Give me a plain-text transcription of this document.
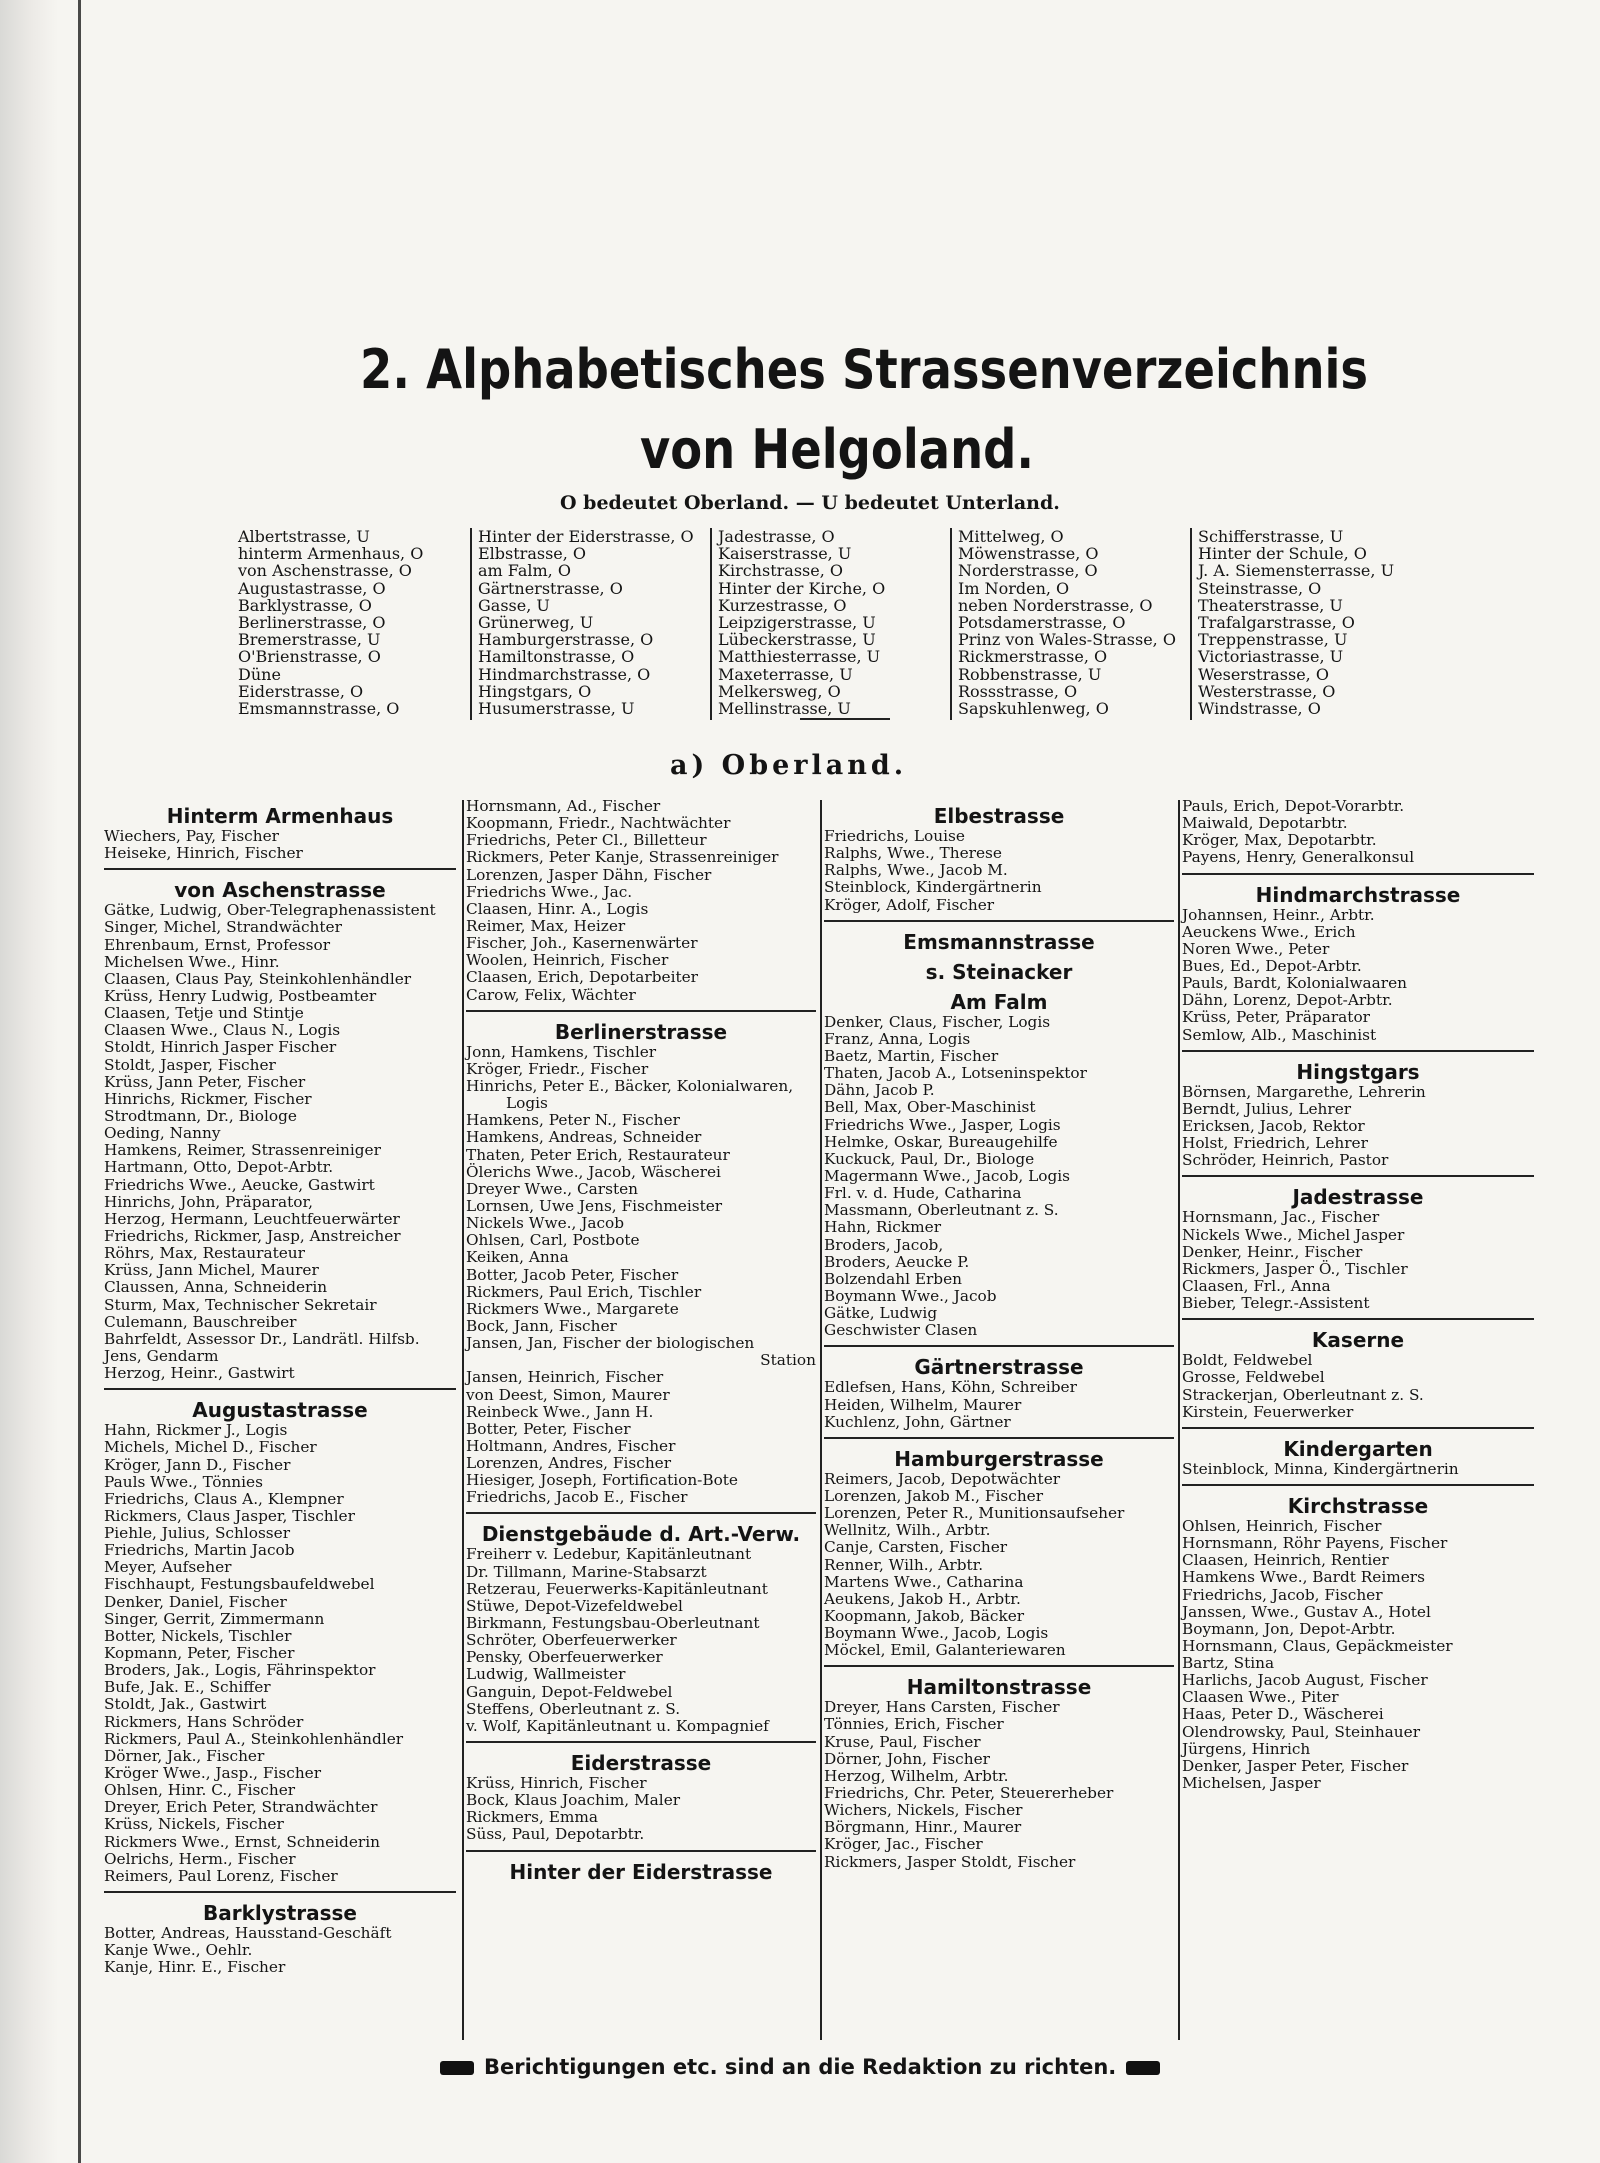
2. Alphabetisches Strassenverzeichnis
von Helgoland.
O bedeutet Oberland. — U bedeutet Unterland.
Albertstrasse, U
hinterm Armenhaus, O
von Aschenstrasse, O
Augustastrasse, O
Barklystrasse, O
Berlinerstrasse, O
Bremerstrasse, U
O'Brienstrasse, O
Düne
Eiderstrasse, O
Emsmannstrasse, O
Hinter der Eiderstrasse, O
Elbstrasse, O
am Falm, O
Gärtnerstrasse, O
Gasse, U
Grünerweg, U
Hamburgerstrasse, O
Hamiltonstrasse, O
Hindmarchstrasse, O
Hingstgars, O
Husumerstrasse, U
Jadestrasse, O
Kaiserstrasse, U
Kirchstrasse, O
Hinter der Kirche, O
Kurzestrasse, O
Leipzigerstrasse, U
Lübeckerstrasse, U
Matthiesterrasse, U
Maxeterrasse, U
Melkersweg, O
Mellinstrasse, U
Mittelweg, O
Möwenstrasse, O
Norderstrasse, O
Im Norden, O
neben Norderstrasse, O
Potsdamerstrasse, O
Prinz von Wales-Strasse, O
Rickmerstrasse, O
Robbenstrasse, U
Rossstrasse, O
Sapskuhlenweg, O
Schifferstrasse, U
Hinter der Schule, O
J. A. Siemensterrasse, U
Steinstrasse, O
Theaterstrasse, U
Trafalgarstrasse, O
Treppenstrasse, U
Victoriastrasse, U
Weserstrasse, O
Westerstrasse, O
Windstrasse, O
a) Oberland.
Hinterm Armenhaus
Wiechers, Pay, Fischer
Heiseke, Hinrich, Fischer
von Aschenstrasse
Gätke, Ludwig, Ober-Telegraphenassistent
Singer, Michel, Strandwächter
Ehrenbaum, Ernst, Professor
Michelsen Wwe., Hinr.
Claasen, Claus Pay, Steinkohlenhändler
Krüss, Henry Ludwig, Postbeamter
Claasen, Tetje und Stintje
Claasen Wwe., Claus N., Logis
Stoldt, Hinrich Jasper Fischer
Stoldt, Jasper, Fischer
Krüss, Jann Peter, Fischer
Hinrichs, Rickmer, Fischer
Strodtmann, Dr., Biologe
Oeding, Nanny
Hamkens, Reimer, Strassenreiniger
Hartmann, Otto, Depot-Arbtr.
Friedrichs Wwe., Aeucke, Gastwirt
Hinrichs, John, Präparator,
Herzog, Hermann, Leuchtfeuerwärter
Friedrichs, Rickmer, Jasp, Anstreicher
Röhrs, Max, Restaurateur
Krüss, Jann Michel, Maurer
Claussen, Anna, Schneiderin
Sturm, Max, Technischer Sekretair
Culemann, Bauschreiber
Bahrfeldt, Assessor Dr., Landrätl. Hilfsb.
Jens, Gendarm
Herzog, Heinr., Gastwirt
Augustastrasse
Hahn, Rickmer J., Logis
Michels, Michel D., Fischer
Kröger, Jann D., Fischer
Pauls Wwe., Tönnies
Friedrichs, Claus A., Klempner
Rickmers, Claus Jasper, Tischler
Piehle, Julius, Schlosser
Friedrichs, Martin Jacob
Meyer, Aufseher
Fischhaupt, Festungsbaufeldwebel
Denker, Daniel, Fischer
Singer, Gerrit, Zimmermann
Botter, Nickels, Tischler
Kopmann, Peter, Fischer
Broders, Jak., Logis, Fährinspektor
Bufe, Jak. E., Schiffer
Stoldt, Jak., Gastwirt
Rickmers, Hans Schröder
Rickmers, Paul A., Steinkohlenhändler
Dörner, Jak., Fischer
Kröger Wwe., Jasp., Fischer
Ohlsen, Hinr. C., Fischer
Dreyer, Erich Peter, Strandwächter
Krüss, Nickels, Fischer
Rickmers Wwe., Ernst, Schneiderin
Oelrichs, Herm., Fischer
Reimers, Paul Lorenz, Fischer
Barklystrasse
Botter, Andreas, Hausstand-Geschäft
Kanje Wwe., Oehlr.
Kanje, Hinr. E., Fischer
Hornsmann, Ad., Fischer
Koopmann, Friedr., Nachtwächter
Friedrichs, Peter Cl., Billetteur
Rickmers, Peter Kanje, Strassenreiniger
Lorenzen, Jasper Dähn, Fischer
Friedrichs Wwe., Jac.
Claasen, Hinr. A., Logis
Reimer, Max, Heizer
Fischer, Joh., Kasernenwärter
Woolen, Heinrich, Fischer
Claasen, Erich, Depotarbeiter
Carow, Felix, Wächter
Berlinerstrasse
Jonn, Hamkens, Tischler
Kröger, Friedr., Fischer
Hinrichs, Peter E., Bäcker, Kolonialwaren,
Logis
Hamkens, Peter N., Fischer
Hamkens, Andreas, Schneider
Thaten, Peter Erich, Restaurateur
Ölerichs Wwe., Jacob, Wäscherei
Dreyer Wwe., Carsten
Lornsen, Uwe Jens, Fischmeister
Nickels Wwe., Jacob
Ohlsen, Carl, Postbote
Keiken, Anna
Botter, Jacob Peter, Fischer
Rickmers, Paul Erich, Tischler
Rickmers Wwe., Margarete
Bock, Jann, Fischer
Jansen, Jan, Fischer der biologischen
Station
Jansen, Heinrich, Fischer
von Deest, Simon, Maurer
Reinbeck Wwe., Jann H.
Botter, Peter, Fischer
Holtmann, Andres, Fischer
Lorenzen, Andres, Fischer
Hiesiger, Joseph, Fortification-Bote
Friedrichs, Jacob E., Fischer
Dienstgebäude d. Art.-Verw.
Freiherr v. Ledebur, Kapitänleutnant
Dr. Tillmann, Marine-Stabsarzt
Retzerau, Feuerwerks-Kapitänleutnant
Stüwe, Depot-Vizefeldwebel
Birkmann, Festungsbau-Oberleutnant
Schröter, Oberfeuerwerker
Pensky, Oberfeuerwerker
Ludwig, Wallmeister
Ganguin, Depot-Feldwebel
Steffens, Oberleutnant z. S.
v. Wolf, Kapitänleutnant u. Kompagnief
Eiderstrasse
Krüss, Hinrich, Fischer
Bock, Klaus Joachim, Maler
Rickmers, Emma
Süss, Paul, Depotarbtr.
Hinter der Eiderstrasse
Elbestrasse
Friedrichs, Louise
Ralphs, Wwe., Therese
Ralphs, Wwe., Jacob M.
Steinblock, Kindergärtnerin
Kröger, Adolf, Fischer
Emsmannstrasse
s. Steinacker
Am Falm
Denker, Claus, Fischer, Logis
Franz, Anna, Logis
Baetz, Martin, Fischer
Thaten, Jacob A., Lotseninspektor
Dähn, Jacob P.
Bell, Max, Ober-Maschinist
Friedrichs Wwe., Jasper, Logis
Helmke, Oskar, Bureaugehilfe
Kuckuck, Paul, Dr., Biologe
Magermann Wwe., Jacob, Logis
Frl. v. d. Hude, Catharina
Massmann, Oberleutnant z. S.
Hahn, Rickmer
Broders, Jacob,
Broders, Aeucke P.
Bolzendahl Erben
Boymann Wwe., Jacob
Gätke, Ludwig
Geschwister Clasen
Gärtnerstrasse
Edlefsen, Hans, Köhn, Schreiber
Heiden, Wilhelm, Maurer
Kuchlenz, John, Gärtner
Hamburgerstrasse
Reimers, Jacob, Depotwächter
Lorenzen, Jakob M., Fischer
Lorenzen, Peter R., Munitionsaufseher
Wellnitz, Wilh., Arbtr.
Canje, Carsten, Fischer
Renner, Wilh., Arbtr.
Martens Wwe., Catharina
Aeukens, Jakob H., Arbtr.
Koopmann, Jakob, Bäcker
Boymann Wwe., Jacob, Logis
Möckel, Emil, Galanteriewaren
Hamiltonstrasse
Dreyer, Hans Carsten, Fischer
Tönnies, Erich, Fischer
Kruse, Paul, Fischer
Dörner, John, Fischer
Herzog, Wilhelm, Arbtr.
Friedrichs, Chr. Peter, Steuererheber
Wichers, Nickels, Fischer
Börgmann, Hinr., Maurer
Kröger, Jac., Fischer
Rickmers, Jasper Stoldt, Fischer
Pauls, Erich, Depot-Vorarbtr.
Maiwald, Depotarbtr.
Kröger, Max, Depotarbtr.
Payens, Henry, Generalkonsul
Hindmarchstrasse
Johannsen, Heinr., Arbtr.
Aeuckens Wwe., Erich
Noren Wwe., Peter
Bues, Ed., Depot-Arbtr.
Pauls, Bardt, Kolonialwaaren
Dähn, Lorenz, Depot-Arbtr.
Krüss, Peter, Präparator
Semlow, Alb., Maschinist
Hingstgars
Börnsen, Margarethe, Lehrerin
Berndt, Julius, Lehrer
Ericksen, Jacob, Rektor
Holst, Friedrich, Lehrer
Schröder, Heinrich, Pastor
Jadestrasse
Hornsmann, Jac., Fischer
Nickels Wwe., Michel Jasper
Denker, Heinr., Fischer
Rickmers, Jasper Ö., Tischler
Claasen, Frl., Anna
Bieber, Telegr.-Assistent
Kaserne
Boldt, Feldwebel
Grosse, Feldwebel
Strackerjan, Oberleutnant z. S.
Kirstein, Feuerwerker
Kindergarten
Steinblock, Minna, Kindergärtnerin
Kirchstrasse
Ohlsen, Heinrich, Fischer
Hornsmann, Röhr Payens, Fischer
Claasen, Heinrich, Rentier
Hamkens Wwe., Bardt Reimers
Friedrichs, Jacob, Fischer
Janssen, Wwe., Gustav A., Hotel
Boymann, Jon, Depot-Arbtr.
Hornsmann, Claus, Gepäckmeister
Bartz, Stina
Harlichs, Jacob August, Fischer
Claasen Wwe., Piter
Haas, Peter D., Wäscherei
Olendrowsky, Paul, Steinhauer
Jürgens, Hinrich
Denker, Jasper Peter, Fischer
Michelsen, Jasper
Berichtigungen etc. sind an die Redaktion zu richten.
